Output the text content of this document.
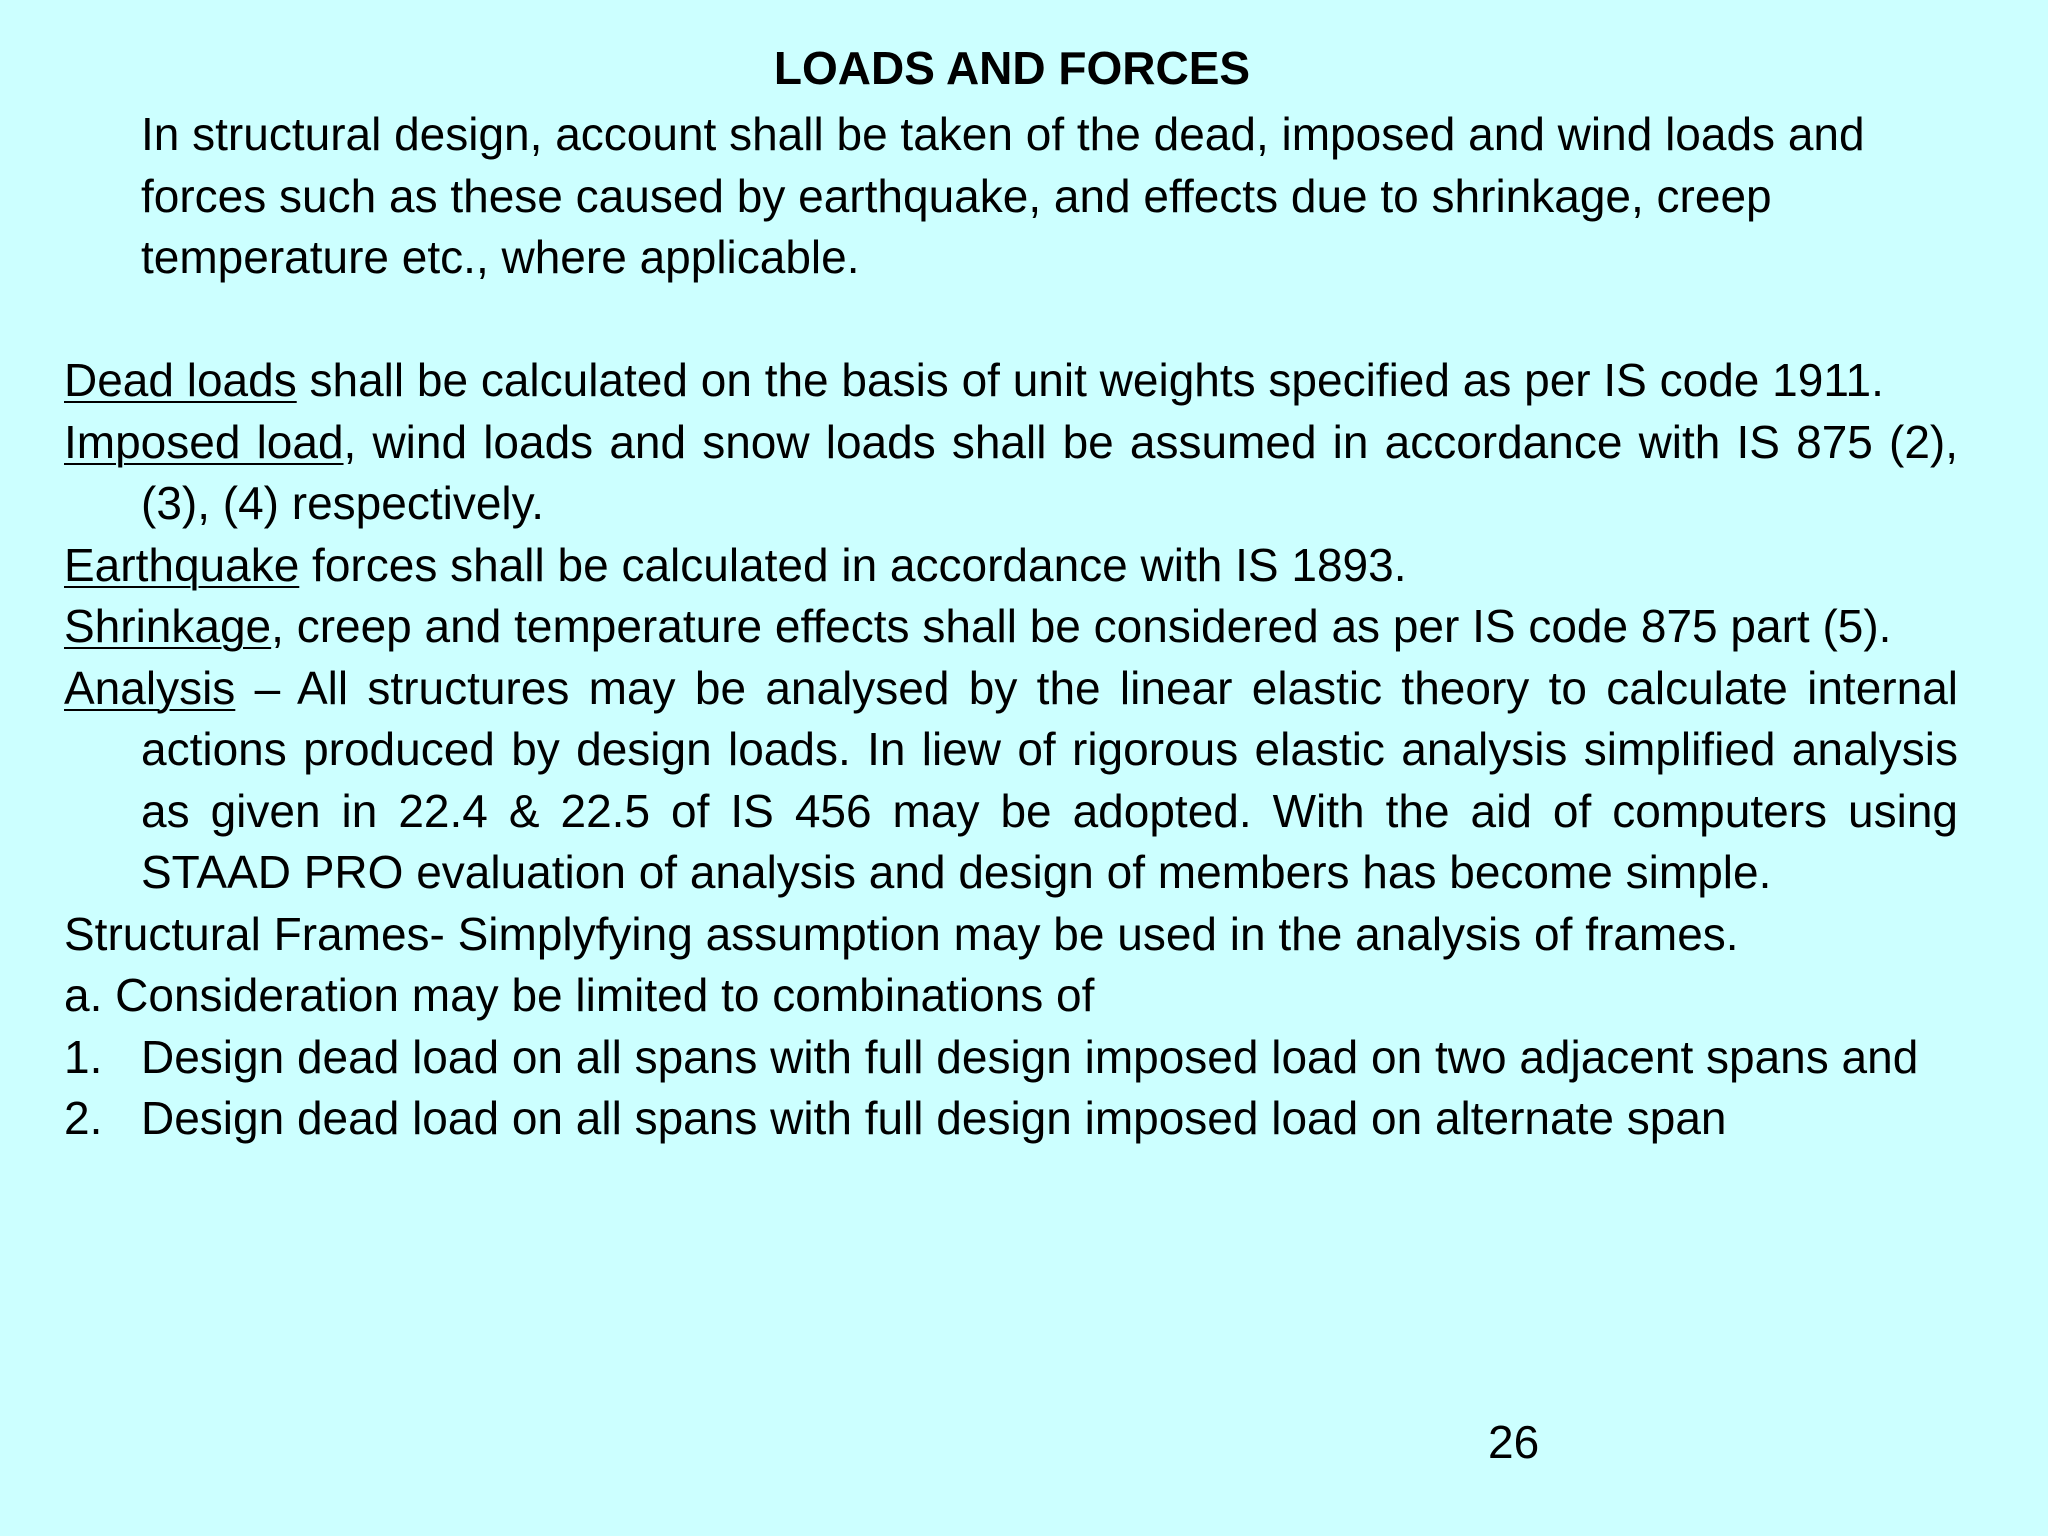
LOADS AND FORCES

In structural design, account shall be taken of the dead, imposed and wind loads and forces such as these caused by earthquake, and effects due to shrinkage, creep temperature etc., where applicable.

Dead loads shall be calculated on the basis of unit weights specified as per IS code 1911.

Imposed load, wind loads and snow loads shall be assumed in accordance with IS 875 (2), (3), (4) respectively.

Earthquake forces shall be calculated in accordance with IS 1893.

Shrinkage, creep and temperature effects shall be considered as per IS code 875 part (5).

Analysis – All structures may be analysed by the linear elastic theory to calculate internal actions produced by design loads. In liew of rigorous elastic analysis simplified analysis as given in 22.4 & 22.5 of IS 456 may be adopted. With the aid of computers using STAAD PRO evaluation of analysis and design of members has become simple.

Structural Frames- Simplyfying assumption may be used in the analysis of frames.

a. Consideration may be limited to combinations of

1. Design dead load on all spans with full design imposed load on two adjacent spans and

2. Design dead load on all spans with full design imposed load on alternate span

26
